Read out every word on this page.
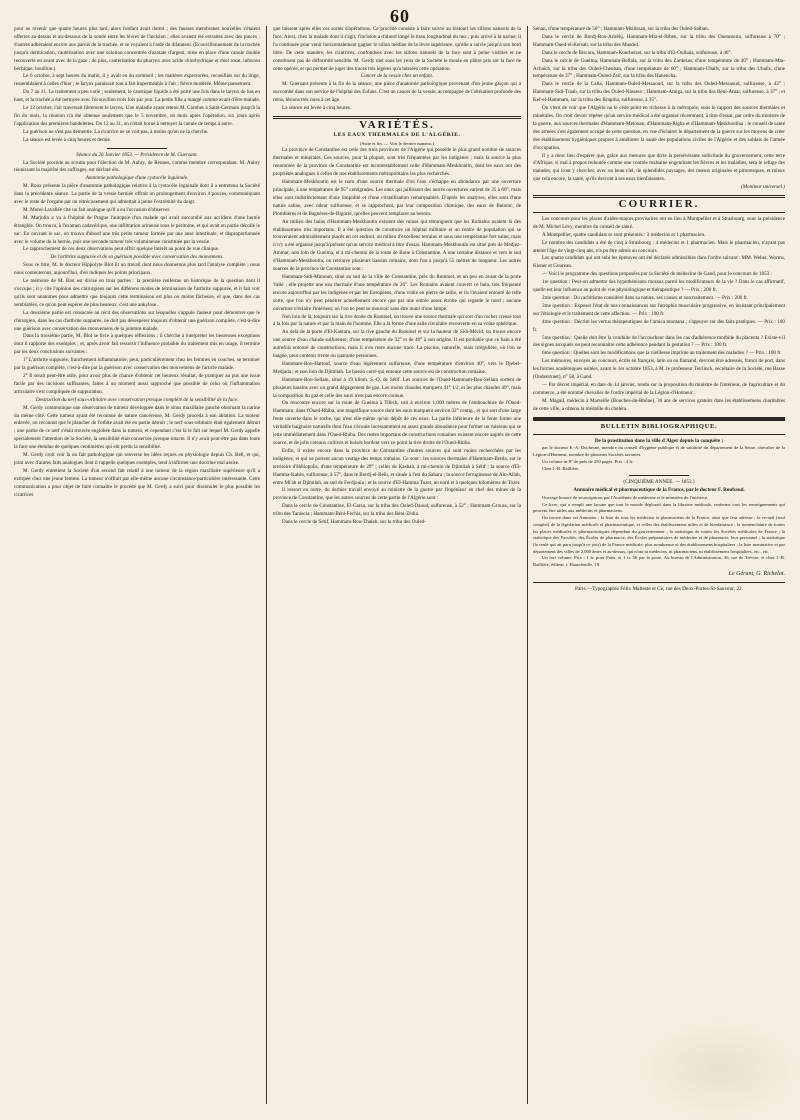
60

pour ne revenir que quatre heures plus tard, alors l'enfant avait dormi ; des fausses membranes nouvelles s'étaient offertes au-dessus et au-dessous de la sonde entre les lèvres de l'incision ; elles avaient été extraites avec des pinces ; d'autres adhéraient encore aux parois de la trachée, et se voyaient à l'aide du dilatateur. (Ecouvillonnement de la trachée jusqu'à dermication, cautérisation avec une solution concentrée d'azotate d'argent, mise en place d'une canule double recouverte en avant avec de la gaze ; de plus, cautérisation du pharynx avec acide chlorhydrique et miel rosat, infusion béchique, bouillon.)

Le 6 octobre, à sept heures du matin, il y avait eu du sommeil ; les matières expectorées, recueillies sur du linge, ressemblaient à celles d'hier ; le larynx paraissait tout à fait imperméable à l'air ; fièvre modérée. Même pansement.

Du 7 au 11. Le traitement a peu varié ; seulement, le caustique liquide a été porté une fois dans le larynx de bas en haut, et la trachée a été nettoyée avec l'écouvillon trois fois par jour. La petite fille a mangé comme avant d'être malade.

Le 12 octobre, l'air traversait librement le larynx. Une maladie ayant retenu M. Combes à Saint-Germain jusqu'à la fin du mois, la réunion n'a été obtenue seulement que le 5 novembre, un mois après l'opération, six jours après l'application des premières bandelettes. Du 12 au 31, on n'était borné à nettoyer la canule de temps à autre.

La guérison ne s'est pas démentie. La cicatrice ne se voit pas, à moins qu'on ne la cherche.

La séance est levée à cinq heures et demie.

Séance du 26 Janvier 1853. — Présidence de M. Guersant.

La Société procède au scrutin pour l'élection de M. Aubry, de Rennes, comme membre correspondant. M. Aubry réunissant la majorité des suffrages, est déclaré élu.

Anatomie pathologique d'une cystocèle inguinale.

M. Roux présente la pièce d'anatomie pathologique relative à la cystocèle inguinale dont il a entretenu la Société dans la précédente séance. La partie de la vessie herniée offrait un prolongement d'environ 4 pouces, communiquant avec le reste de l'organe par un rétrécissement qui admettait à peine l'extrémité du doigt.

M. Morel-Lavallée cite un fait analogue qu'il a eu l'occasion d'observer.

M. Marjolin a vu à l'hôpital de Prague l'autopsie d'un malade qui avait succombé aux accidens d'une hernie étranglée. On trouva, à l'examen cadavérique, une infiltration urineuse sous le péritoine, et qui avait en partie décollé le sac. En ouvrant le sac, on trouva d'abord une très petite tumeur formée par une anse intestinale, et disproportionnée avec le volume de la hernie, puis une seconde tumeur très volumineuse constituée par la vessie.

Le rapprochement de ces deux observations peut offrir quelque intérêt au point de vue clinique.

De l'arthrite suppurée et de sa guérison possible avec conservation des mouvemens.

Sous ce titre, M. le docteur Hippolyte Blot lit un travail dont nous donnerons plus tard l'analyse complète ; nous nous contenterons, aujourd'hui, d'en indiquer les points principaux.

Le mémoire de M. Blot est divisé en trois parties : la première renferme un historique de la question dont il s'occupe ; il y cite l'opinion des chirurgiens sur les différens modes de terminaison de l'arthrite suppurée, et il fait voir qu'ils sont unanimes pour admettre que toujours cette terminaison est plus ou moins fâcheuse, et que, dans des cas semblables, ce qu'on peut espérer de plus heureux, c'est une ankylose.

La deuxième partie est consacrée au récit des observations sur lesquelles s'appuie l'auteur pour démontrer que le chirurgien, dans les cas d'arthrite suppurée, ne doit pas désespérer toujours d'obtenir une guérison complète, c'est-à-dire une guérison avec conservation des mouvemens de la jointure malade.

Dans la troisième partie, M. Blot se livre à quelques réflexions ; il cherche à interpréter les heureuses exceptions dont il rapporte des exemples ; et, après avoir fait ressortir l'influence probable du traitement mis en usage, il termine par les deux conclusions suivantes :

1° L'arthrite suppurée, franchement inflammatoire, peut, particulièrement chez les femmes en couches, se terminer par la guérison complète, c'est-à-dire par la guérison avec conservation des mouvemens de l'article malade.

2° Il serait peut-être utile, pour avoir plus de chance d'obtenir cet heureux résultat, de pratiquer au pus une issue facile par des incisions suffisantes, faites à un moment aussi rapproché que possible de celui où l'inflammation articulaire s'est compliquée de suppuration.

Destruction du nerf sous-orbitaire avec conservation presque complète de la sensibilité de la face.

M. Gerdy communique une observation de tumeur développée dans le sinus maxillaire gauche obstruant la narine du même côté. Cette tumeur ayant été reconnue de nature cancéreuse, M. Gerdy procéda à son ablation. La tumeur enlevée, on reconnut que le plancher de l'orbite avait été en partie détruit ; le nerf sous-orbitaire était également détruit ; une partie de ce nerf s'était trouvée englobée dans la tumeur, et cependant c'est là le fait sur lequel M. Gerdy appelle spécialement l'attention de la Société, la sensibilité était conservée presque intacte. Il n'y avait peut-être pas dans toute la face une étendue de quelques centimètres qui eût perdu la sensibilité.

M. Gerdy croit voir là un fait pathologique qui renverse les idées reçues en physiologie depuis Ch. Bell, et qui, joint avec d'autres faits analogues dont il rappelle quelques exemples, tend à infirmer une doctrine mal assise.

M. Gerdy entretient la Société d'un second fait relatif à une tumeur de la région maxillaire supérieure qu'il a extirpée chez une jeune femme. La tumeur n'offrait par elle-même aucune circonstance particulière intéressante. Cette communication a pour objet de faire connaître le procédé que M. Gerdy a suivi pour dissimuler le plus possible les cicatrices

que laissent après elles ces sortes d'opérations. Ce procédé consiste à faire suivre au bistouri les sillons naturels de la face. Ainsi, chez la malade dont il s'agit, l'incision a d'abord longé le tissu longitudinal du nez ; puis arrivé à la narine, il l'a continuée pour venir horizontalement gagner le sillon médian de la lèvre supérieure, qu'elle a suivie jusqu'à son bord libre. De cette manière, les cicatrices, confondues avec les sillons naturels de la face sont à peine visibles et ne constituent pas de difformité sensible. M. Gerdy met sous les yeux de la Société le moule en plâtre pris sur la face de cette opérée, et qui permet de juger des traces très légères qu'a laissées cette opération.

Cancer de la vessie chez un enfant.

M. Guersant présente à la fin de la séance, une pièce d'anatomie pathologique provenant d'un jeune garçon qui a succombé dans son service de l'hôpital des Enfans. C'est un cancer de la vessie, accompagné de l'altération profonde des reins, lésions très rares à cet âge.

La séance est levée à cinq heures.

VARIÉTÉS.
LES EAUX THERMALES DE L'ALGÉRIE.

(Suite et fin. — Voir le dernier numéro.)

La province de Constantine est celle des trois provinces de l'Algérie qui possède le plus grand nombre de sources thermales et minérales. Ces sources, pour la plupart, sont très fréquentées par les indigènes ; mais la source la plus renommée de la province de Constantine est incontestablement celle d'Hammam-Meskhoutin, dont les eaux ont des propriétés analogues à celles de nos établissements métropolitains les plus recherchés.

Hammam-Meskhoutin est le nom d'une source thermale d'où l'eau s'échappe en abondance par une ouverture principale, à une température de 95° centigrades. Les eaux qui jaillissent des autres ouvertures varient de 35 à 60°, mais elles sont indistinctement d'une limpidité et d'une cristallisation remarquables. D'après les analyses, elles sont d'une nature saline, avec odeur sulfureuse, et se rapprochent, par leur composition chimique, des eaux de Balaruc, de Plombières et de Bagnères-de-Bigorre, qu'elles peuvent remplacer au besoin.

Au milieu des bains d'Hammam-Meskhoutin existent des ruines qui témoignent que les Romains avaient là des établissemens très importans. Il a été question de construire un hôpital militaire et un centre de population qui se trouveraient admirablement placés en cet endroit, au milieu d'excellens terrains et sous une température fort saine, mais il n'y a été organisé jusqu'à présent qu'un service médical à titre d'essai. Hammam-Meskhoutin est situé près de Medjez-Ammar, non loin de Guelma, et à mi-chemin de la route de Bone à Constantine. A une certaine distance et vers le sud d'Hammam-Meskhoutin, on retrouve plusieurs bassins romains, dont l'un a jusqu'à 55 mètres de longueur. Les autres sources de la province de Constantine sont :

Hammam-Sidi-Mimoun, situé au sud de la ville de Constantine, près du Rummel, et un peu en avant de la porte Vallé ; elle projette une eau thermale d'une température de 26°. Les Romains avaient couvert ce bain, très fréquenté encore aujourd'hui par les indigènes et par les Européens, d'une voûte en pierre de taille, et ils l'avaient entouré de telle sorte, que l'on n'y peut pénétrer actuellement encore que par une entrée assez étroite qui regarde le nord ; aucune ouverture n'éclaire l'intérieur, où l'on ne peut se mouvoir sans être muni d'une lampe.

Non loin de là, toujours sur la rive droite du Rummel, on trouve une source thermale qui sort d'un rocher creusé tout à la fois par la nature et par la main de l'homme. Elle a la forme d'une salle circulaire recouverte en sa voûte sphérique.

Au delà de la porte d'El-Kantara, sur la rive gauche du Rummel et sur la hauteur de Sidi-Mécid, on trouve encore une source d'eau chaude sulfureuse, d'une température de 32° et de 40° à son origine. Il est probable que ce bain a été autrefois entouré de constructions, mais il n'en reste aucune trace. La piscine, naturelle, mais irrégulière, où l'on se baigne, peut contenir trente ou quarante personnes.

Hammam-Bou-Hattouf, source d'eau légèrement sulfureuse, d'une température d'environ 40°, vers le Djebel-Medjada ; et non loin du Djimilah. Le bassin carré qui entoure cette source est de construction romaine.

Hammam-Bou-Sellam, situé à 19 kilom. S.-O. de Sétif. Les sources de l'Oued-Hammam-Bou-Sellam sortent de plusieurs bassins avec un grand dégagement de gaz. Les moins chaudes marquent 41° 1/2, et les plus chaudes 49°, mais la composition du gaz et celle des eaux n'est pas encore connue.

On rencontre encore sur la route de Guelma à Tifech, soit à environ 1,000 mètres de l'embouchure de l'Oued-Hammam, dans l'Oued-Rhiba, une magnifique source dont les eaux marquent environ 32° centig., et qui sort d'une large fente ouverte dans le roche, qui n'est elle-même qu'un dépôt de ces eaux. La partie inférieure de la fente forme une véritable baignoire naturelle dont l'eau s'écoule incessamment en assez grande abondance pour former un ruisseau qui se jette immédiatement dans l'Oued-Rhiba. Des restes importans de constructions romaines existent encore auprès de cette source, et de jolis coteaux cultivés et boisés bordent vers ce point la rive droite de l'Oued-Rhiba.

Enfin, il existe encore dans la province de Constantine d'autres sources qui sont moins recherchées par les indigènes, et qui ne portent aucun vestige des temps romains. Ce sont : les sources thermales d'Hammam-Breda, sur le territoire d'Héliopolis, d'une température de 29° ; celles de Kasbah, à mi-chemin de Djimilah à Sétif ; la source d'El-Hamma-Kabès, sulfureuse, à 57°, dans le Bordj-el-Beïh, et située à l'est du Sahara ; la source ferrugineuse de Aïn-Allah, entre Mi'ah et Djimilah, au sud de Ferdjouïa ; et la source d'El-Hamma Tozer, au nord et à quelques kilomètres de Tozer.

Il ressort en outre, du dernier travail envoyé au ministre de la guerre par l'ingénieur en chef des mines de la province de Constantine, que les autres sources de cette partie de l'Algérie sont :

Dans le cercle de Constantine, El-Garsa, sur la tribu des Ouled-Daoud, sulfureuse, à 52° ; Hammam-Grouss, sur la tribu des Tamecia ; Hammam-Béni-Fechia, sur la tribu des Béni-Zédia.

Dans le cercle de Sétif, Hammam-Bou-Thaleb, sur la tribu des Ouled-

Sénan, d'une température de 50° ; Hammam-Msilissan, sur la tribu des Ouled-Saïban.

Dans le cercle de Bordj-Bou-Arirèhj, Hammam-Mia-el-Biben, sur la tribu des Ouennoura, sulfureuse à 70° ; Hammam-Oued-el-Kersab, sur la tribu des Maadid.

Dans le cercle de Biscara, Hammam-Kourbeizet, sur la tribu d'El-Oulhaïa, sulfureuse, à 46°.

Dans le cercle de Guelma, Hammam-Bellala, sur la tribu des Zardezas, d'une température de 40° ; Hammam-Mta-Achaïch, sur la tribu des Ouled-Cheuban, d'une température de 60° ; Hammam-Ubaïls, sur la tribu des Ubaïls, d'une température de 37° ; Hammam-Ouled-Zeïr, sur la tribu des Hanencha.

Dans le cercle de la Calla, Hammam-Ouled-Messaoud, sur la tribu des Ouled-Messaoud, sulfureuse, à 42° ; Hammam-Sidi-Traab, sur la tribu des Ouled-Nasseur ; Hammam-Amiga, sur la tribu des Béni-Amar, sulfureuse, à 37° ; et Kef-el-Hammam, sur la tribu des Brapitia, sulfureuse, à 35°.

On vient de voir que l'Algérie ne le cède point en richesse à la métropole, sous le rapport des sources thermales et minérales. On croit devoir répéter qu'un service médical a été organisé récemment, à titre d'essai, par ordre du ministre de la guerre, aux sources thermales d'Hammam-Melouan, d'Hammam-Righa et d'Hammam-Meskhoutina ; le conseil de santé des armées s'est également occupé de cette question, en vue d'éclairer le département de la guerre sur les moyens de créer des établissemens hygiéniques propres à améliorer la santé des populations civiles de l'Algérie et des soldats de l'armée d'occupation.

Il y a donc lieu d'espérer que, grâce aux mesures que dicte la persévérante sollicitude du gouvernement, cette terre d'Afrique, si mal à propos redoutée comme une contrée malsaine engendrant les fièvres et les maladies, sera le refuge des malades, qui iront y chercher, avec un beau ciel, de splendides paysages, des mœurs originales et pittoresques, et mieux que cela encore, la santé, qu'ils devront à ses eaux bienfaisantes.

(Moniteur universel.)

COURRIER.

Les concours pour les places d'aides-majors provisoires ont eu lieu à Montpellier et à Strasbourg, sous la présidence de M. Michel Lévy, membre du conseil de santé.

A Montpellier, quatre candidats se sont présentés : 3 médecins et 1 pharmacien.

Le nombre des candidats a été de cinq à Strasbourg : 4 médecins et 1 pharmacien. Mais le pharmacien, n'ayant pas atteint l'âge de vingt-cinq ans, n'a pu être admis au concours.

Les quatre candidats qui ont subi les épreuves ont été déclarés admissibles dans l'ordre suivant : MM. Weber, Worms, Kiener et Gourean.

— Voici le programme des questions proposées par la Société de médecine de Gand, pour le concours de 1853 :

1re question : Peut-on admettre des hypothénisans moraux parmi les modificateurs de la vie ? Dans le cas affirmatif, quelle est leur influence au point de vue physiologique et thérapeutique ? — Prix : 200 fr.

2me question : Du rachitisme considéré dans sa nature, ses causes et son traitement. — Prix : 200 fr.

3me question : Exposer l'état de nos connaissances sur l'atrophie musculaire progressive, en insistant principalement sur l'étiologie et le traitement de cette affection. — Prix : 100 fr.

4me question : Décrire les vertus thérapeutiques de l'arnica montana ; s'appuyer sur des faits pratiques. — Prix : 100 fr.

5me question : Quelle doit être la conduite de l'accoucheur dans les cas d'adhérence morbide du placenta ? Existe-t-il des signes auxquels on peut reconnaître cette adhérence pendant la gestation ? — Prix : 100 fr.

6me question : Quelles sont les modifications que la vieillesse imprime au traitement des maladies ? — Prix : 100 fr.

Les mémoires, envoyés au concours, écrits en français, latin ou en flamand, devront être adressés, francs de port, dans les formes académiques usitées, avant le 1er octobre 1853, à M. le professeur Teirlinck, secrétaire de la Société, rue Basse (Onderstraet), n° 58, à Gand.

— Par décret impérial, en date du 14 janvier, rendu sur la proposition du ministre de l'intérieur, de l'agriculture et du commerce, a été nommé chevalier de l'ordre impérial de la Légion-d'Honneur :

M. Magail, médecin à Marseille (Bouches-du-Rhône), 36 ans de services gratuits dans les établissemens charitables de cette ville, a obtenu la médaille du choléra.

BULLETIN BIBLIOGRAPHIQUE.

De la prostitution dans la ville d'Alger depuis la conquête ;

par le docteur E.-A. Duchesne, membre du conseil d'hygiène publique et de salubrité du département de la Seine, chevalier de la Légion-d'Honneur, membre de plusieurs Sociétés savantes.

Un volume in-8° de près de 250 pages. Prix : 4 fr.

Chez J.-B. Baillière.

(CINQUIÈME ANNÉE. — 1853.)

Annuaire médical et pharmaceutique de la France, par le docteur F. Roubaud.

Ouvrage honoré de souscriptions par l'Académie de médecine et le ministère de l'intérieur.

Ce livre, qui a rempli une lacune que tout le monde déplorait dans la librairie médicale, renferme tous les renseignements qui peuvent être utiles aux médecins et pharmaciens.

On trouve dans cet Annuaire : la liste de tous les médecins et pharmaciens de la France, ainsi que leur adresse ; le recueil (seul complet) de la législation médicale et pharmaceutique, et celles des établissemens utiles et de bienfaisance ; la nomenclature de toutes les places médicales et pharmaceutiques dépendant du gouvernement ; la statistique de toutes les Sociétés médicales de France ; la statistique des Facultés, des Écoles de pharmacie, des Écoles préparatoires de médecine et de pharmacie, leur personnel ; la statistique (la seule qui ait paru jusqu'à ce jour) de la France médicale, plus nombreuse et des établissemens hospitaliers ; la liste nominative et par département des villes de 2,000 âmes et au-dessus, qui n'ont ni médecins, ni pharmaciens, ni établissemens hospitaliers, etc., etc.

Un fort volume. Prix : 1 fr. pour Paris, et 1 fr. 50 par la poste. Au bureau de l'Administration, 26, rue de Trévise, et chez J.-B. Baillière, éditeur, r. Hautefeuille, 19.

Le Gérant, G. Richelot.
Paris.—Typographie Félix Malteste et Ce, rue des Deux-Portes-St-Sauveur, 22.
